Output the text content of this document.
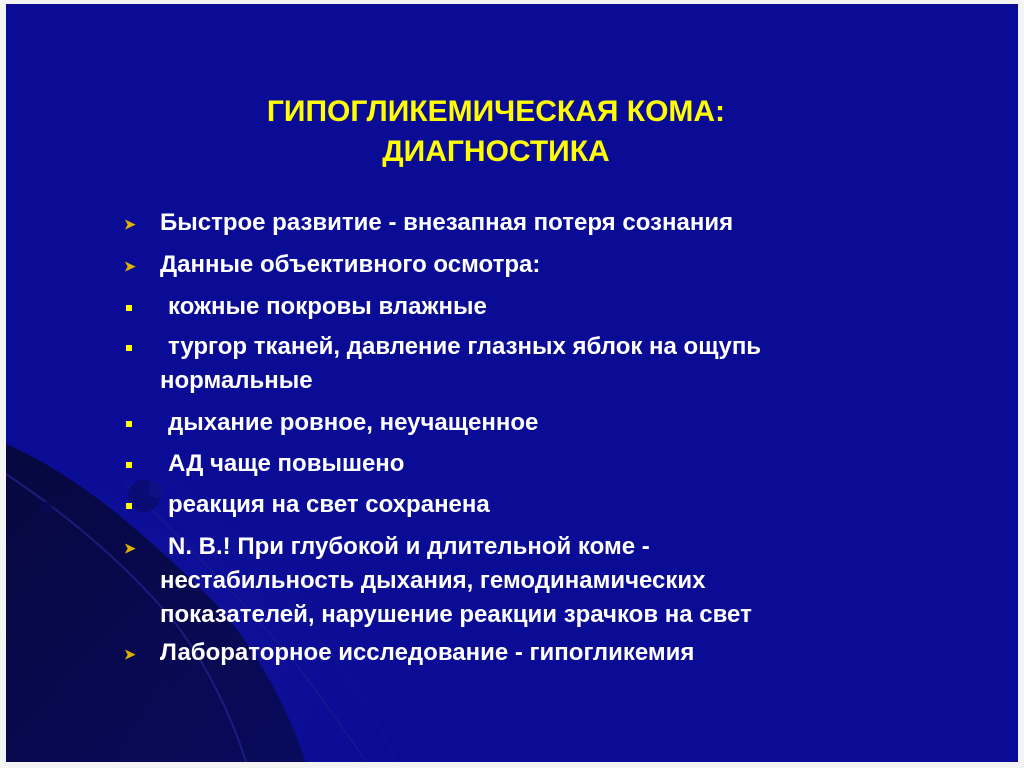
ГИПОГЛИКЕМИЧЕСКАЯ КОМА:
ДИАГНОСТИКА
➤	Быстрое развитие - внезапная потеря сознания
➤	Данные объективного осмотра:
кожные покровы влажные
тургор тканей, давление глазных яблок на ощупь
нормальные
дыхание ровное, неучащенное
АД чаще повышено
реакция на свет сохранена
➤	N. B.! При глубокой и длительной коме -
нестабильность дыхания, гемодинамических
показателей, нарушение реакции зрачков на свет
➤	Лабораторное исследование - гипогликемия
